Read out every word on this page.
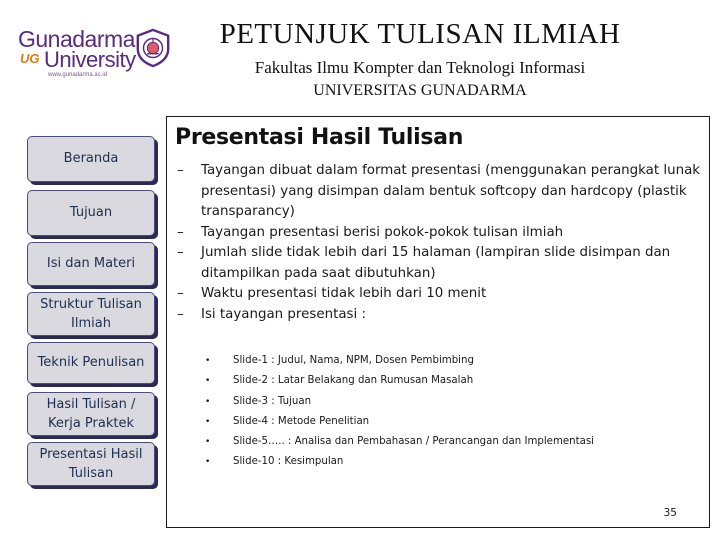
Gunadarma
UG University
www.gunadarma.ac.id
PETUNJUK TULISAN ILMIAH
Fakultas Ilmu Kompter dan Teknologi Informasi
UNIVERSITAS GUNADARMA
Beranda
Tujuan
Isi dan Materi
Struktur Tulisan Ilmiah
Teknik Penulisan
Hasil Tulisan / Kerja Praktek
Presentasi Hasil Tulisan
Presentasi Hasil Tulisan
–	Tayangan dibuat dalam format presentasi (menggunakan perangkat lunak presentasi) yang disimpan dalam bentuk softcopy dan hardcopy (plastik transparancy)
–	Tayangan presentasi berisi pokok-pokok tulisan ilmiah
–	Jumlah slide tidak lebih dari 15 halaman (lampiran slide disimpan dan ditampilkan pada saat dibutuhkan)
–	Waktu presentasi tidak lebih dari 10 menit
–	Isi tayangan presentasi :
•	Slide-1 : Judul, Nama, NPM, Dosen Pembimbing
•	Slide-2 : Latar Belakang dan Rumusan Masalah
•	Slide-3 : Tujuan
•	Slide-4 : Metode Penelitian
•	Slide-5….. : Analisa dan Pembahasan / Perancangan dan Implementasi
•	Slide-10 : Kesimpulan
35
